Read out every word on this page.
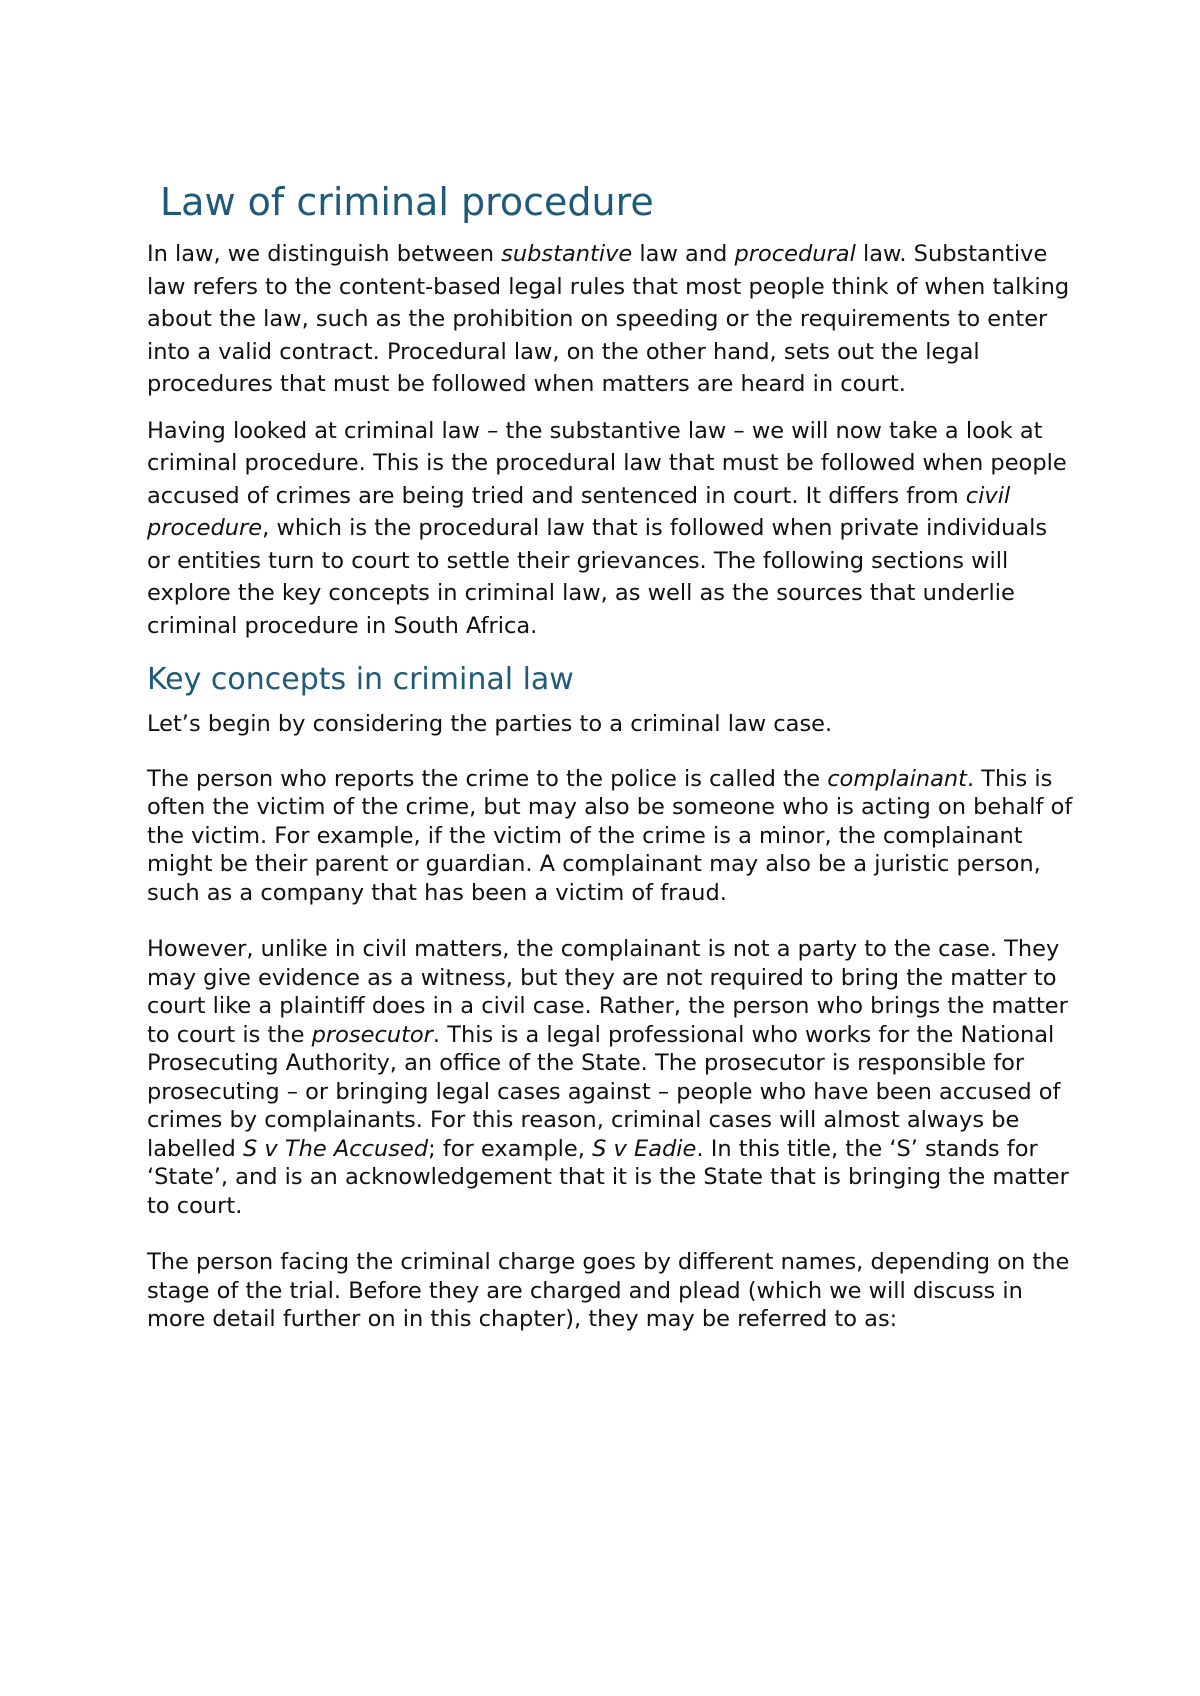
Law of criminal procedure

In law, we distinguish between substantive law and procedural law. Substantive law refers to the content-based legal rules that most people think of when talking about the law, such as the prohibition on speeding or the requirements to enter into a valid contract. Procedural law, on the other hand, sets out the legal procedures that must be followed when matters are heard in court.

Having looked at criminal law – the substantive law – we will now take a look at criminal procedure. This is the procedural law that must be followed when people accused of crimes are being tried and sentenced in court. It differs from civil procedure, which is the procedural law that is followed when private individuals or entities turn to court to settle their grievances. The following sections will explore the key concepts in criminal law, as well as the sources that underlie criminal procedure in South Africa.

Key concepts in criminal law

Let’s begin by considering the parties to a criminal law case.

The person who reports the crime to the police is called the complainant. This is often the victim of the crime, but may also be someone who is acting on behalf of the victim. For example, if the victim of the crime is a minor, the complainant might be their parent or guardian. A complainant may also be a juristic person, such as a company that has been a victim of fraud.

However, unlike in civil matters, the complainant is not a party to the case. They may give evidence as a witness, but they are not required to bring the matter to court like a plaintiff does in a civil case. Rather, the person who brings the matter to court is the prosecutor. This is a legal professional who works for the National Prosecuting Authority, an office of the State. The prosecutor is responsible for prosecuting – or bringing legal cases against – people who have been accused of crimes by complainants. For this reason, criminal cases will almost always be labelled S v The Accused; for example, S v Eadie. In this title, the ‘S’ stands for ‘State’, and is an acknowledgement that it is the State that is bringing the matter to court.

The person facing the criminal charge goes by different names, depending on the stage of the trial. Before they are charged and plead (which we will discuss in more detail further on in this chapter), they may be referred to as:
